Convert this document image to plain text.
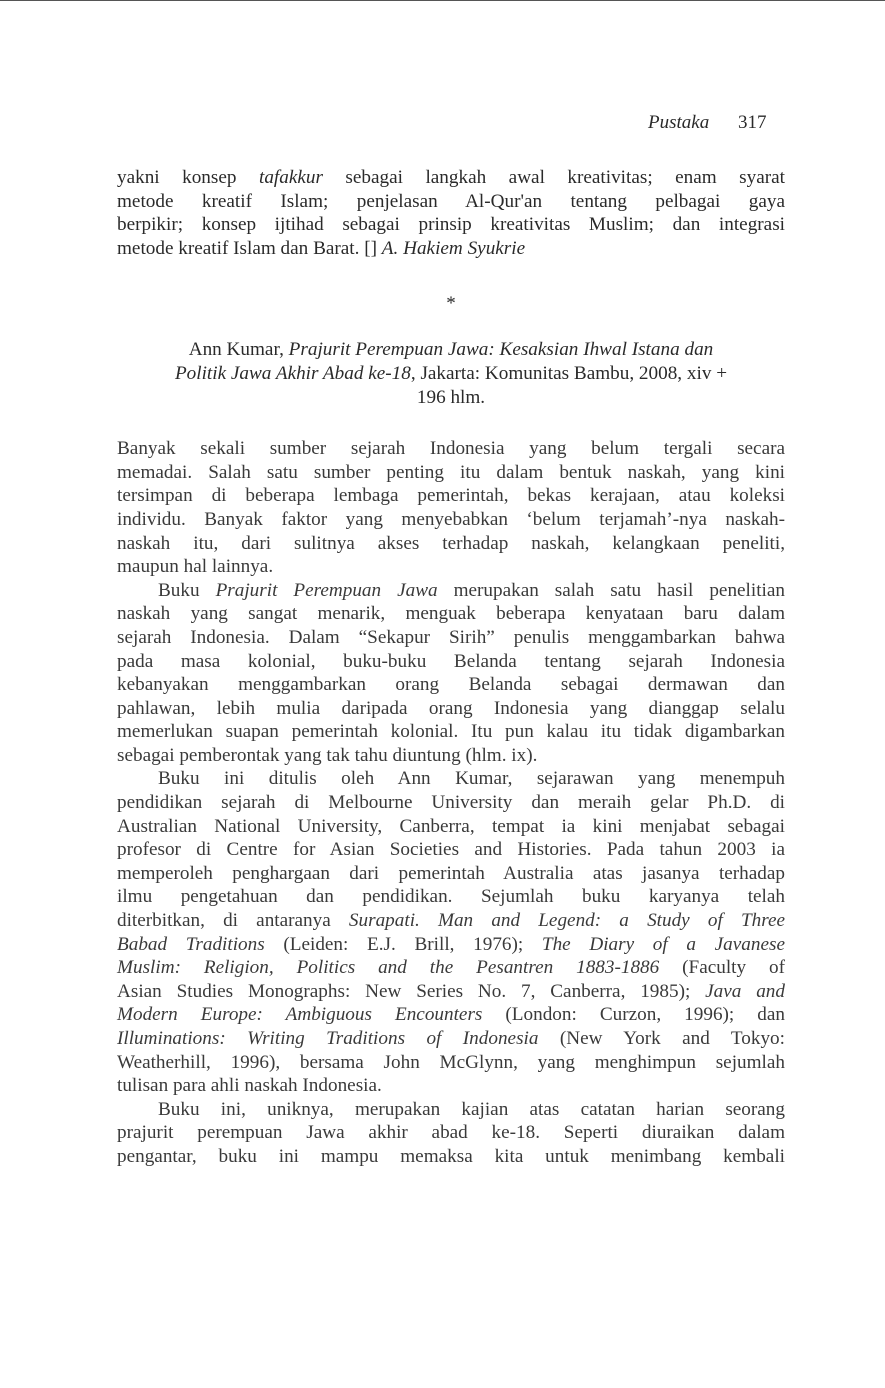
Pustaka 317
yakni konsep tafakkur sebagai langkah awal kreativitas; enam syarat
metode kreatif Islam; penjelasan Al-Qur'an tentang pelbagai gaya
berpikir; konsep ijtihad sebagai prinsip kreativitas Muslim; dan integrasi
metode kreatif Islam dan Barat. [] A. Hakiem Syukrie
*
Ann Kumar, Prajurit Perempuan Jawa: Kesaksian Ihwal Istana dan
Politik Jawa Akhir Abad ke-18, Jakarta: Komunitas Bambu, 2008, xiv +
196 hlm.

Banyak sekali sumber sejarah Indonesia yang belum tergali secara
memadai. Salah satu sumber penting itu dalam bentuk naskah, yang kini
tersimpan di beberapa lembaga pemerintah, bekas kerajaan, atau koleksi
individu. Banyak faktor yang menyebabkan ‘belum terjamah’-nya naskah-
naskah itu, dari sulitnya akses terhadap naskah, kelangkaan peneliti,
maupun hal lainnya.

Buku Prajurit Perempuan Jawa merupakan salah satu hasil penelitian
naskah yang sangat menarik, menguak beberapa kenyataan baru dalam
sejarah Indonesia. Dalam “Sekapur Sirih” penulis menggambarkan bahwa
pada masa kolonial, buku-buku Belanda tentang sejarah Indonesia
kebanyakan menggambarkan orang Belanda sebagai dermawan dan
pahlawan, lebih mulia daripada orang Indonesia yang dianggap selalu
memerlukan suapan pemerintah kolonial. Itu pun kalau itu tidak digambarkan
sebagai pemberontak yang tak tahu diuntung (hlm. ix).

Buku ini ditulis oleh Ann Kumar, sejarawan yang menempuh
pendidikan sejarah di Melbourne University dan meraih gelar Ph.D. di
Australian National University, Canberra, tempat ia kini menjabat sebagai
profesor di Centre for Asian Societies and Histories. Pada tahun 2003 ia
memperoleh penghargaan dari pemerintah Australia atas jasanya terhadap
ilmu pengetahuan dan pendidikan. Sejumlah buku karyanya telah
diterbitkan, di antaranya Surapati. Man and Legend: a Study of Three
Babad Traditions (Leiden: E.J. Brill, 1976); The Diary of a Javanese
Muslim: Religion, Politics and the Pesantren 1883-1886 (Faculty of
Asian Studies Monographs: New Series No. 7, Canberra, 1985); Java and
Modern Europe: Ambiguous Encounters (London: Curzon, 1996); dan
Illuminations: Writing Traditions of Indonesia (New York and Tokyo:
Weatherhill, 1996), bersama John McGlynn, yang menghimpun sejumlah
tulisan para ahli naskah Indonesia.

Buku ini, uniknya, merupakan kajian atas catatan harian seorang
prajurit perempuan Jawa akhir abad ke-18. Seperti diuraikan dalam
pengantar, buku ini mampu memaksa kita untuk menimbang kembali
